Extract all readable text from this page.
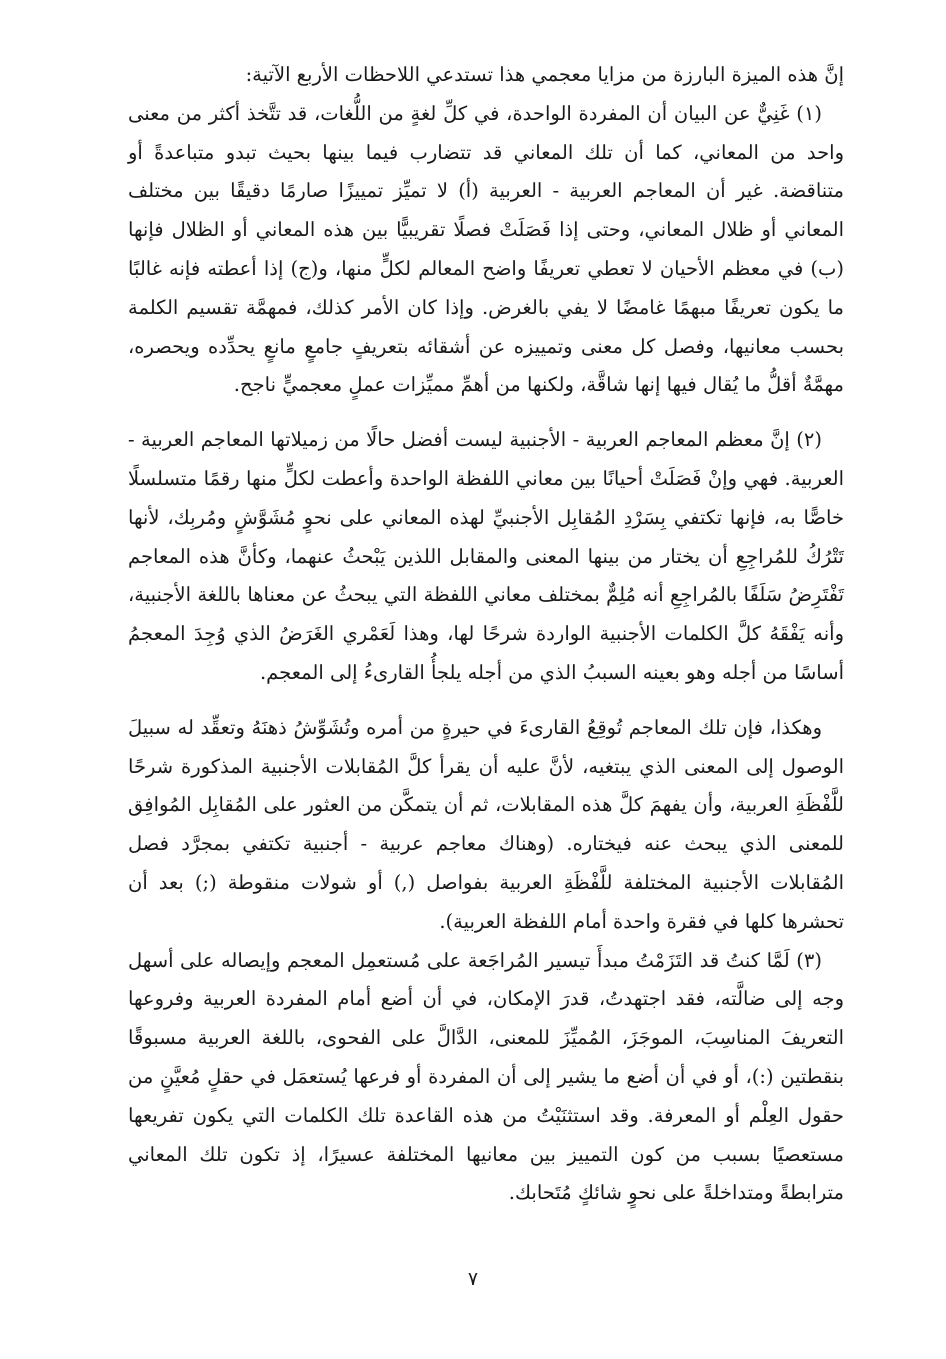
إنَّ هذه الميزة البارزة من مزايا معجمي هذا تستدعي اللاحظات الأربع الآتية:

(١) غَنِيٌّ عن البيان أن المفردة الواحدة، في كلِّ لغةٍ من اللُّغات، قد تتَّخذ أكثر من معنى واحد من المعاني، كما أن تلك المعاني قد تتضارب فيما بينها بحيث تبدو متباعدةً أو متناقضة. غير أن المعاجم العربية - العربية (أ) لا تميِّز تمييزًا صارمًا دقيقًا بين مختلف المعاني أو ظلال المعاني، وحتى إذا فَصَلَتْ فصلًا تقريبيًّا بين هذه المعاني أو الظلال فإنها (ب) في معظم الأحيان لا تعطي تعريفًا واضح المعالم لكلٍّ منها، و(ج) إذا أعطته فإنه غالبًا ما يكون تعريفًا مبهمًا غامضًا لا يفي بالغرض. وإذا كان الأمر كذلك، فمهمَّة تقسيم الكلمة بحسب معانيها، وفصل كل معنى وتمييزه عن أشقائه بتعريفٍ جامعٍ مانعٍ يحدِّده ويحصره، مهمَّةٌ أقلُّ ما يُقال فيها إنها شاقَّة، ولكنها من أهمِّ مميِّزات عملٍ معجميٍّ ناجح.

(٢) إنَّ معظم المعاجم العربية - الأجنبية ليست أفضل حالًا من زميلاتها المعاجم العربية - العربية. فهي وإنْ فَصَلَتْ أحيانًا بين معاني اللفظة الواحدة وأعطت لكلٍّ منها رقمًا متسلسلًا خاصًّا به، فإنها تكتفي بِسَرْدِ المُقابِل الأجنبيِّ لهذه المعاني على نحوٍ مُشَوَّشٍ ومُربِك، لأنها تَتْرُكُ للمُراجِعِ أن يختار من بينها المعنى والمقابل اللذين يَبْحثُ عنهما، وكأنَّ هذه المعاجم تَفْتَرِضُ سَلَفًا بالمُراجِعِ أنه مُلِمٌّ بمختلف معاني اللفظة التي يبحثُ عن معناها باللغة الأجنبية، وأنه يَفْقَهُ كلَّ الكلمات الأجنبية الواردة شرحًا لها، وهذا لَعَمْري الغَرَضُ الذي وُجِدَ المعجمُ أساسًا من أجله وهو بعينه السببُ الذي من أجله يلجأُ القارىءُ إلى المعجم.

وهكذا، فإن تلك المعاجم تُوقِعُ القارىءَ في حيرةٍ من أمره وتُشَوِّشُ ذهنَهُ وتعقِّد له سبيلَ الوصول إلى المعنى الذي يبتغيه، لأنَّ عليه أن يقرأ كلَّ المُقابلات الأجنبية المذكورة شرحًا للَّفْظَةِ العربية، وأن يفهمَ كلَّ هذه المقابلات، ثم أن يتمكَّن من العثور على المُقابِل المُوافِق للمعنى الذي يبحث عنه فيختاره. (وهناك معاجم عربية - أجنبية تكتفي بمجرَّد فصل المُقابلات الأجنبية المختلفة للَّفْظَةِ العربية بفواصل (,) أو شولات منقوطة (;) بعد أن تحشرها كلها في فقرة واحدة أمام اللفظة العربية).

(٣) لَمَّا كنتُ قد التَزَمْتُ مبدأَ تيسير المُراجَعة على مُستعمِل المعجم وإيصاله على أسهل وجه إلى ضالَّته، فقد اجتهدتُ، قدرَ الإمكان، في أن أضع أمام المفردة العربية وفروعها التعريفَ المناسِبَ، الموجَزَ، المُميِّزَ للمعنى، الدَّالَّ على الفحوى، باللغة العربية مسبوقًا بنقطتين (:)، أو في أن أضع ما يشير إلى أن المفردة أو فرعها يُستعمَل في حقلٍ مُعيَّنٍ من حقول العِلْم أو المعرفة. وقد استثنَيْتُ من هذه القاعدة تلك الكلمات التي يكون تفريعها مستعصيًا بسبب من كون التمييز بين معانيها المختلفة عسيرًا، إذ تكون تلك المعاني مترابطةً ومتداخلةً على نحوٍ شائكٍ مُتَحابك.

٧
